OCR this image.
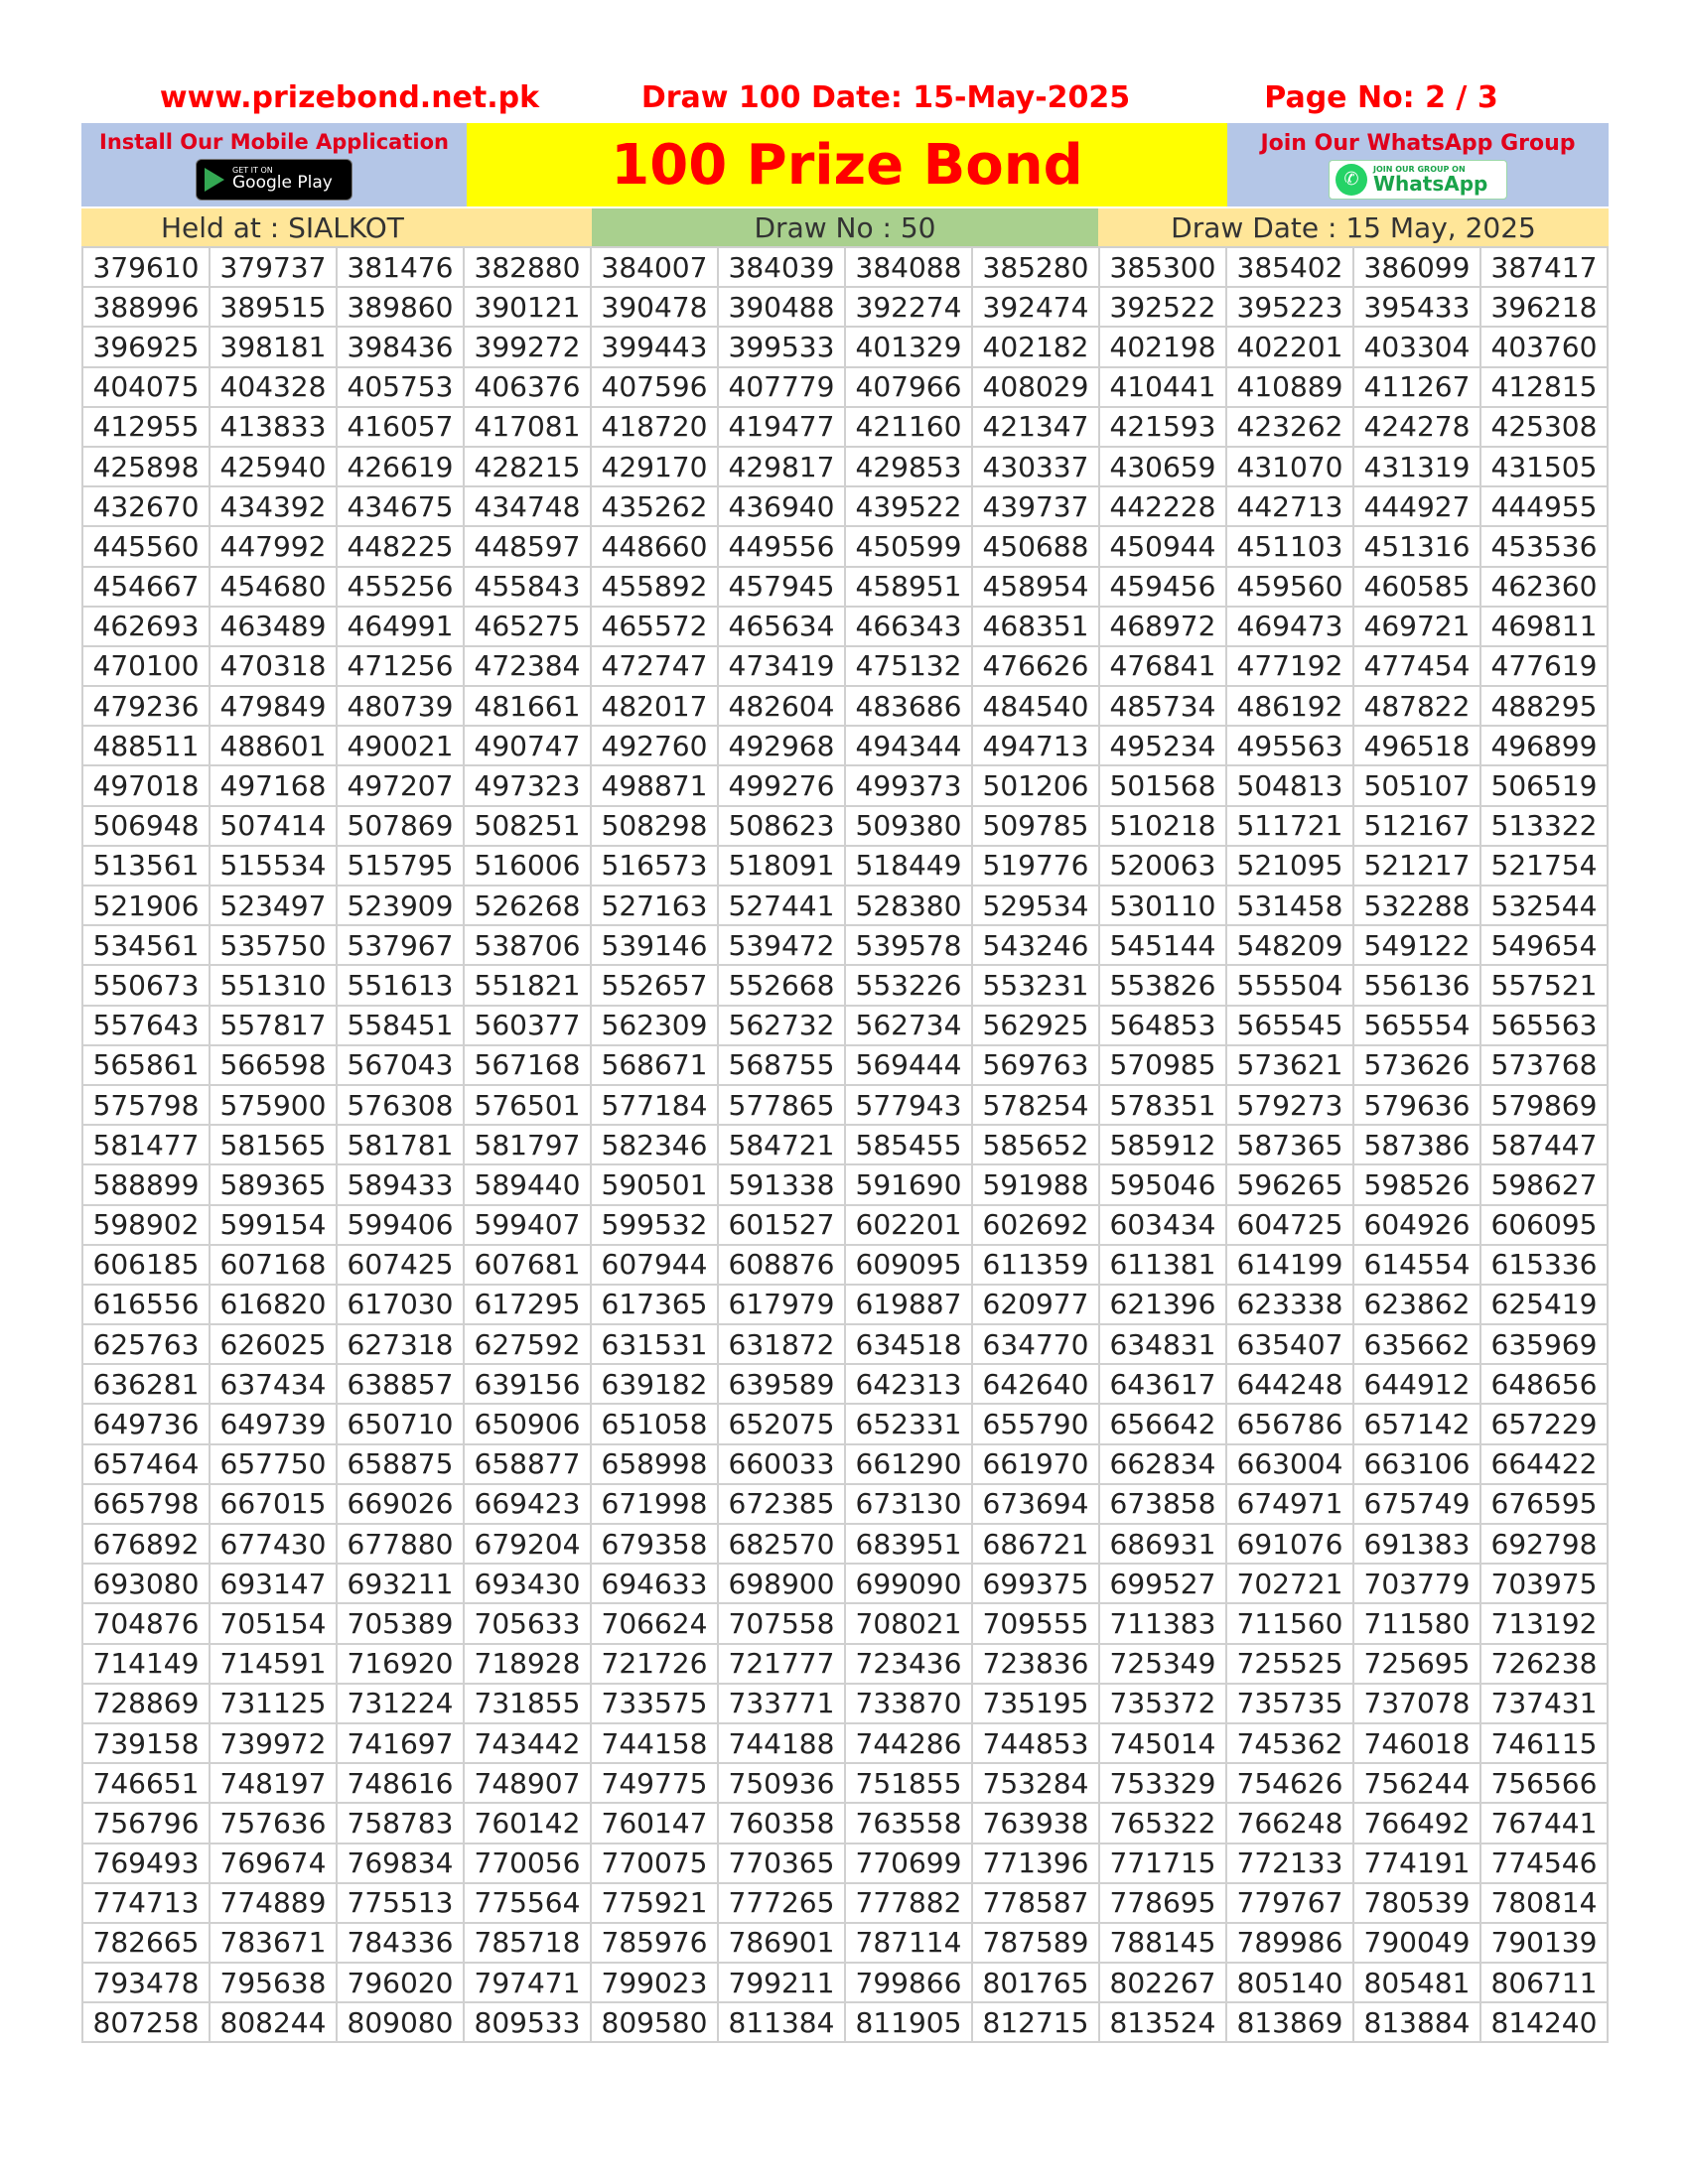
www.prizebond.net.pk	Draw 100 Date: 15-May-2025	Page No: 2 / 3
Install Our Mobile Application
GET IT ON
Google Play	100 Prize Bond	Join Our WhatsApp Group
✆	JOIN OUR GROUP ON
WhatsApp
Held at : SIALKOT	Draw No : 50	Draw Date : 15 May, 2025
379610	379737	381476	382880	384007	384039	384088	385280	385300	385402	386099	387417
388996	389515	389860	390121	390478	390488	392274	392474	392522	395223	395433	396218
396925	398181	398436	399272	399443	399533	401329	402182	402198	402201	403304	403760
404075	404328	405753	406376	407596	407779	407966	408029	410441	410889	411267	412815
412955	413833	416057	417081	418720	419477	421160	421347	421593	423262	424278	425308
425898	425940	426619	428215	429170	429817	429853	430337	430659	431070	431319	431505
432670	434392	434675	434748	435262	436940	439522	439737	442228	442713	444927	444955
445560	447992	448225	448597	448660	449556	450599	450688	450944	451103	451316	453536
454667	454680	455256	455843	455892	457945	458951	458954	459456	459560	460585	462360
462693	463489	464991	465275	465572	465634	466343	468351	468972	469473	469721	469811
470100	470318	471256	472384	472747	473419	475132	476626	476841	477192	477454	477619
479236	479849	480739	481661	482017	482604	483686	484540	485734	486192	487822	488295
488511	488601	490021	490747	492760	492968	494344	494713	495234	495563	496518	496899
497018	497168	497207	497323	498871	499276	499373	501206	501568	504813	505107	506519
506948	507414	507869	508251	508298	508623	509380	509785	510218	511721	512167	513322
513561	515534	515795	516006	516573	518091	518449	519776	520063	521095	521217	521754
521906	523497	523909	526268	527163	527441	528380	529534	530110	531458	532288	532544
534561	535750	537967	538706	539146	539472	539578	543246	545144	548209	549122	549654
550673	551310	551613	551821	552657	552668	553226	553231	553826	555504	556136	557521
557643	557817	558451	560377	562309	562732	562734	562925	564853	565545	565554	565563
565861	566598	567043	567168	568671	568755	569444	569763	570985	573621	573626	573768
575798	575900	576308	576501	577184	577865	577943	578254	578351	579273	579636	579869
581477	581565	581781	581797	582346	584721	585455	585652	585912	587365	587386	587447
588899	589365	589433	589440	590501	591338	591690	591988	595046	596265	598526	598627
598902	599154	599406	599407	599532	601527	602201	602692	603434	604725	604926	606095
606185	607168	607425	607681	607944	608876	609095	611359	611381	614199	614554	615336
616556	616820	617030	617295	617365	617979	619887	620977	621396	623338	623862	625419
625763	626025	627318	627592	631531	631872	634518	634770	634831	635407	635662	635969
636281	637434	638857	639156	639182	639589	642313	642640	643617	644248	644912	648656
649736	649739	650710	650906	651058	652075	652331	655790	656642	656786	657142	657229
657464	657750	658875	658877	658998	660033	661290	661970	662834	663004	663106	664422
665798	667015	669026	669423	671998	672385	673130	673694	673858	674971	675749	676595
676892	677430	677880	679204	679358	682570	683951	686721	686931	691076	691383	692798
693080	693147	693211	693430	694633	698900	699090	699375	699527	702721	703779	703975
704876	705154	705389	705633	706624	707558	708021	709555	711383	711560	711580	713192
714149	714591	716920	718928	721726	721777	723436	723836	725349	725525	725695	726238
728869	731125	731224	731855	733575	733771	733870	735195	735372	735735	737078	737431
739158	739972	741697	743442	744158	744188	744286	744853	745014	745362	746018	746115
746651	748197	748616	748907	749775	750936	751855	753284	753329	754626	756244	756566
756796	757636	758783	760142	760147	760358	763558	763938	765322	766248	766492	767441
769493	769674	769834	770056	770075	770365	770699	771396	771715	772133	774191	774546
774713	774889	775513	775564	775921	777265	777882	778587	778695	779767	780539	780814
782665	783671	784336	785718	785976	786901	787114	787589	788145	789986	790049	790139
793478	795638	796020	797471	799023	799211	799866	801765	802267	805140	805481	806711
807258	808244	809080	809533	809580	811384	811905	812715	813524	813869	813884	814240
